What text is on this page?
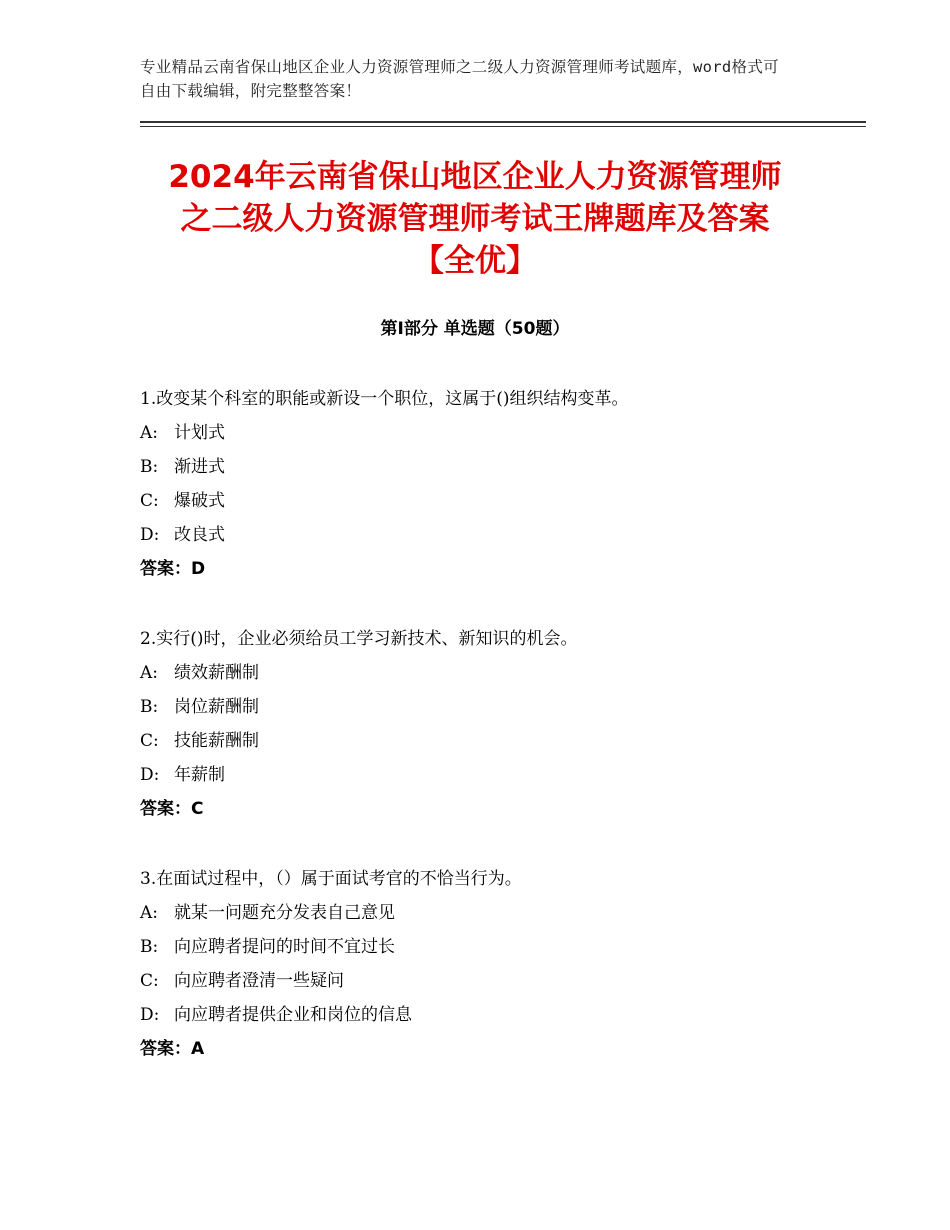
专业精品云南省保山地区企业人力资源管理师之二级人力资源管理师考试题库，word格式可自由下载编辑，附完整整答案！
2024年云南省保山地区企业人力资源管理师
之二级人力资源管理师考试王牌题库及答案
【全优】
第Ⅰ部分 单选题（50题）
1.改变某个科室的职能或新设一个职位，这属于()组织结构变革。
A: 计划式
B: 渐进式
C: 爆破式
D: 改良式
答案：D
2.实行()时，企业必须给员工学习新技术、新知识的机会。
A: 绩效薪酬制
B: 岗位薪酬制
C: 技能薪酬制
D: 年薪制
答案：C
3.在面试过程中，（）属于面试考官的不恰当行为。
A: 就某一问题充分发表自己意见
B: 向应聘者提问的时间不宜过长
C: 向应聘者澄清一些疑问
D: 向应聘者提供企业和岗位的信息
答案：A
